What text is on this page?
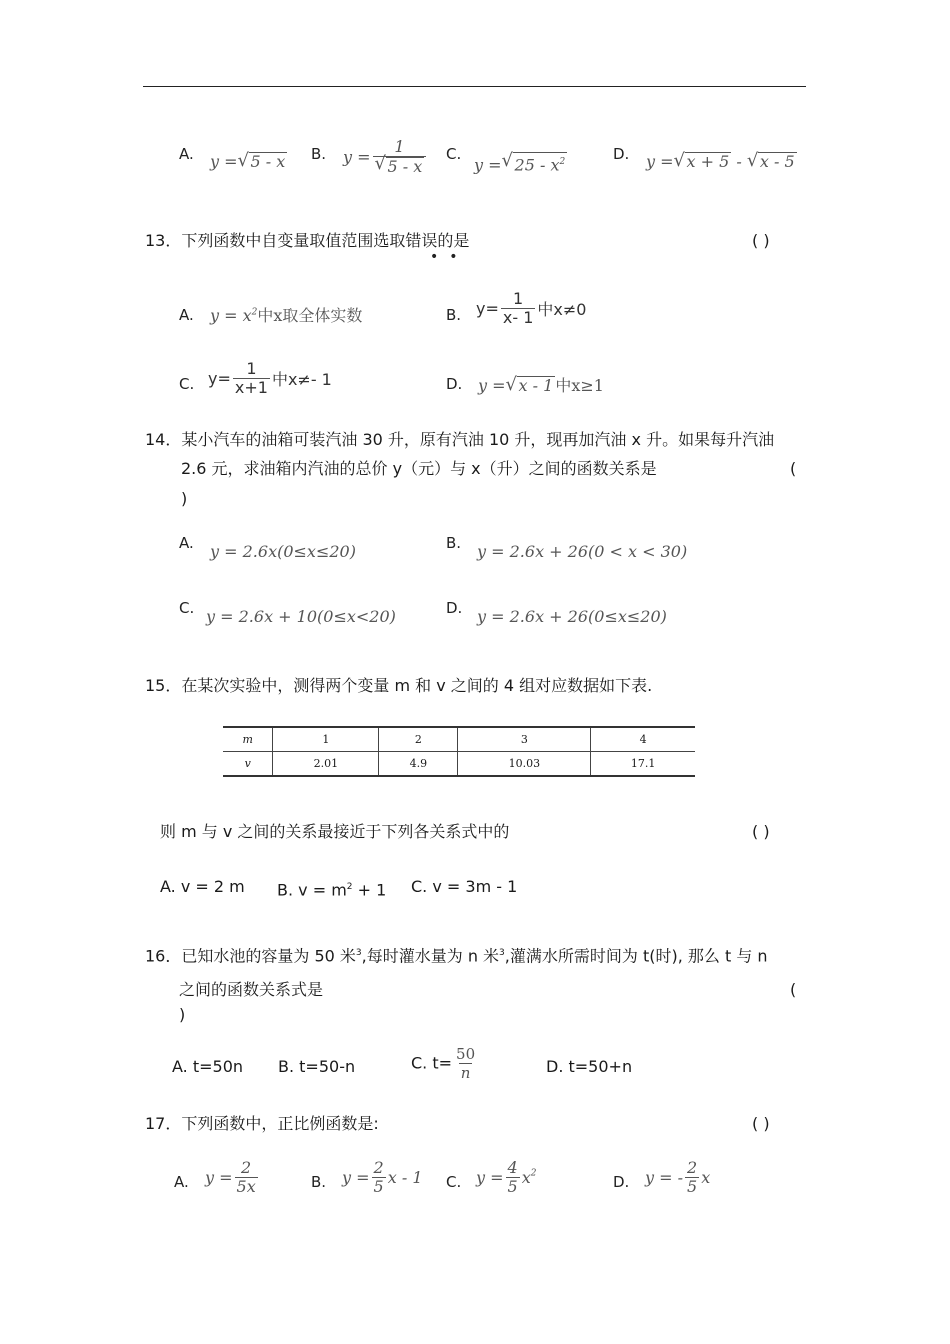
A. y = √ 5 - x B. y = 1
√ 5 - x C.
y = √ $25 - x^2$	D. y = √ x + 5 - √ x - 5
13．下列函数中自变量取值范围选取错误的是
••
( )
A. $y = x^2$中x取全体实数	B. $y= \frac{1}{x- 1}$ 中x≠0
C. $y= \frac{1}{x+1}$ 中x≠- 1	D. y = √ x - 1 中x≥1
14．某小汽车的油箱可装汽油 30 升，原有汽油 10 升，现再加汽油 x 升。如果每升汽油
2.6 元，求油箱内汽油的总价 y（元）与 x（升）之间的函数关系是	(
)
A. y = 2.6x(0≤x≤20)	B. y = 2.6x + 26(0 < x < 30)
C. y = 2.6x + 10(0≤x<20)	D. y = 2.6x + 26(0≤x≤20)
15．在某次实验中，测得两个变量 m 和 v 之间的 4 组对应数据如下表.
m	1	2	3	4
v	2.01	4.9	10.03	17.1
则 m 与 v 之间的关系最接近于下列各关系式中的	( )
A. v = 2 m B. $v = m^2 + 1$ C. v = 3m - 1
16．已知水池的容量为 50 米$^3$,每时灌水量为 n 米$^3$,灌满水所需时间为 t(时), 那么 t 与 n
之间的函数关系式是	(
)
A. t=50n B. t=50-n	C. $t= \frac{50}{n}$	D. t=50+n
17．下列函数中，正比例函数是:	( )
A. $y = \frac{2}{5x}$	B. $y = \frac{2}{5}$ x - 1 C. $y = \frac{4}{5} x^2$	D. y = - $\frac{2}{5}$ x
